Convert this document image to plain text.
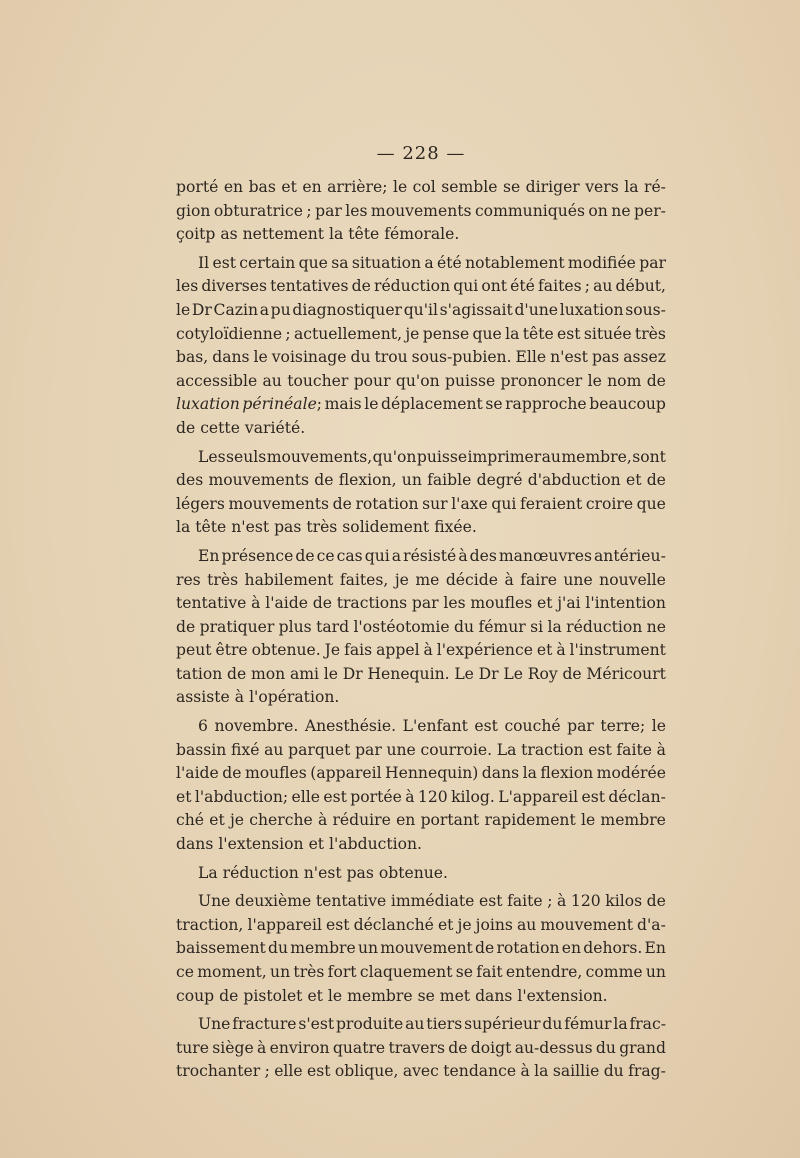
— 228 —
porté en bas et en arrière; le col semble se diriger vers la ré-
gion obturatrice ; par les mouvements communiqués on ne per-
çoitp as nettement la tête fémorale.
Il est certain que sa situation a été notablement modifiée par
les diverses tentatives de réduction qui ont été faites ; au début,
le Dr Cazin a pu diagnostiquer qu'il s'agissait d'une luxation sous-
cotyloïdienne ; actuellement, je pense que la tête est située très
bas, dans le voisinage du trou sous-pubien. Elle n'est pas assez
accessible au toucher pour qu'on puisse prononcer le nom de
luxation périnéale; mais le déplacement se rapproche beaucoup
de cette variété.
Les seuls mouvements, qu'on puisse imprimer au membre, sont
des mouvements de flexion, un faible degré d'abduction et de
légers mouvements de rotation sur l'axe qui feraient croire que
la tête n'est pas très solidement fixée.
En présence de ce cas qui a résisté à des manœuvres antérieu-
res très habilement faites, je me décide à faire une nouvelle
tentative à l'aide de tractions par les moufles et j'ai l'intention
de pratiquer plus tard l'ostéotomie du fémur si la réduction ne
peut être obtenue. Je fais appel à l'expérience et à l'instrument
tation de mon ami le Dr Henequin. Le Dr Le Roy de Méricourt
assiste à l'opération.
6 novembre. Anesthésie. L'enfant est couché par terre; le
bassin fixé au parquet par une courroie. La traction est faite à
l'aide de moufles (appareil Hennequin) dans la flexion modérée
et l'abduction; elle est portée à 120 kilog. L'appareil est déclan-
ché et je cherche à réduire en portant rapidement le membre
dans l'extension et l'abduction.
La réduction n'est pas obtenue.
Une deuxième tentative immédiate est faite ; à 120 kilos de
traction, l'appareil est déclanché et je joins au mouvement d'a-
baissement du membre un mouvement de rotation en dehors. En
ce moment, un très fort claquement se fait entendre, comme un
coup de pistolet et le membre se met dans l'extension.
Une fracture s'est produite au tiers supérieur du fémur la frac-
ture siège à environ quatre travers de doigt au-dessus du grand
trochanter ; elle est oblique, avec tendance à la saillie du frag-
